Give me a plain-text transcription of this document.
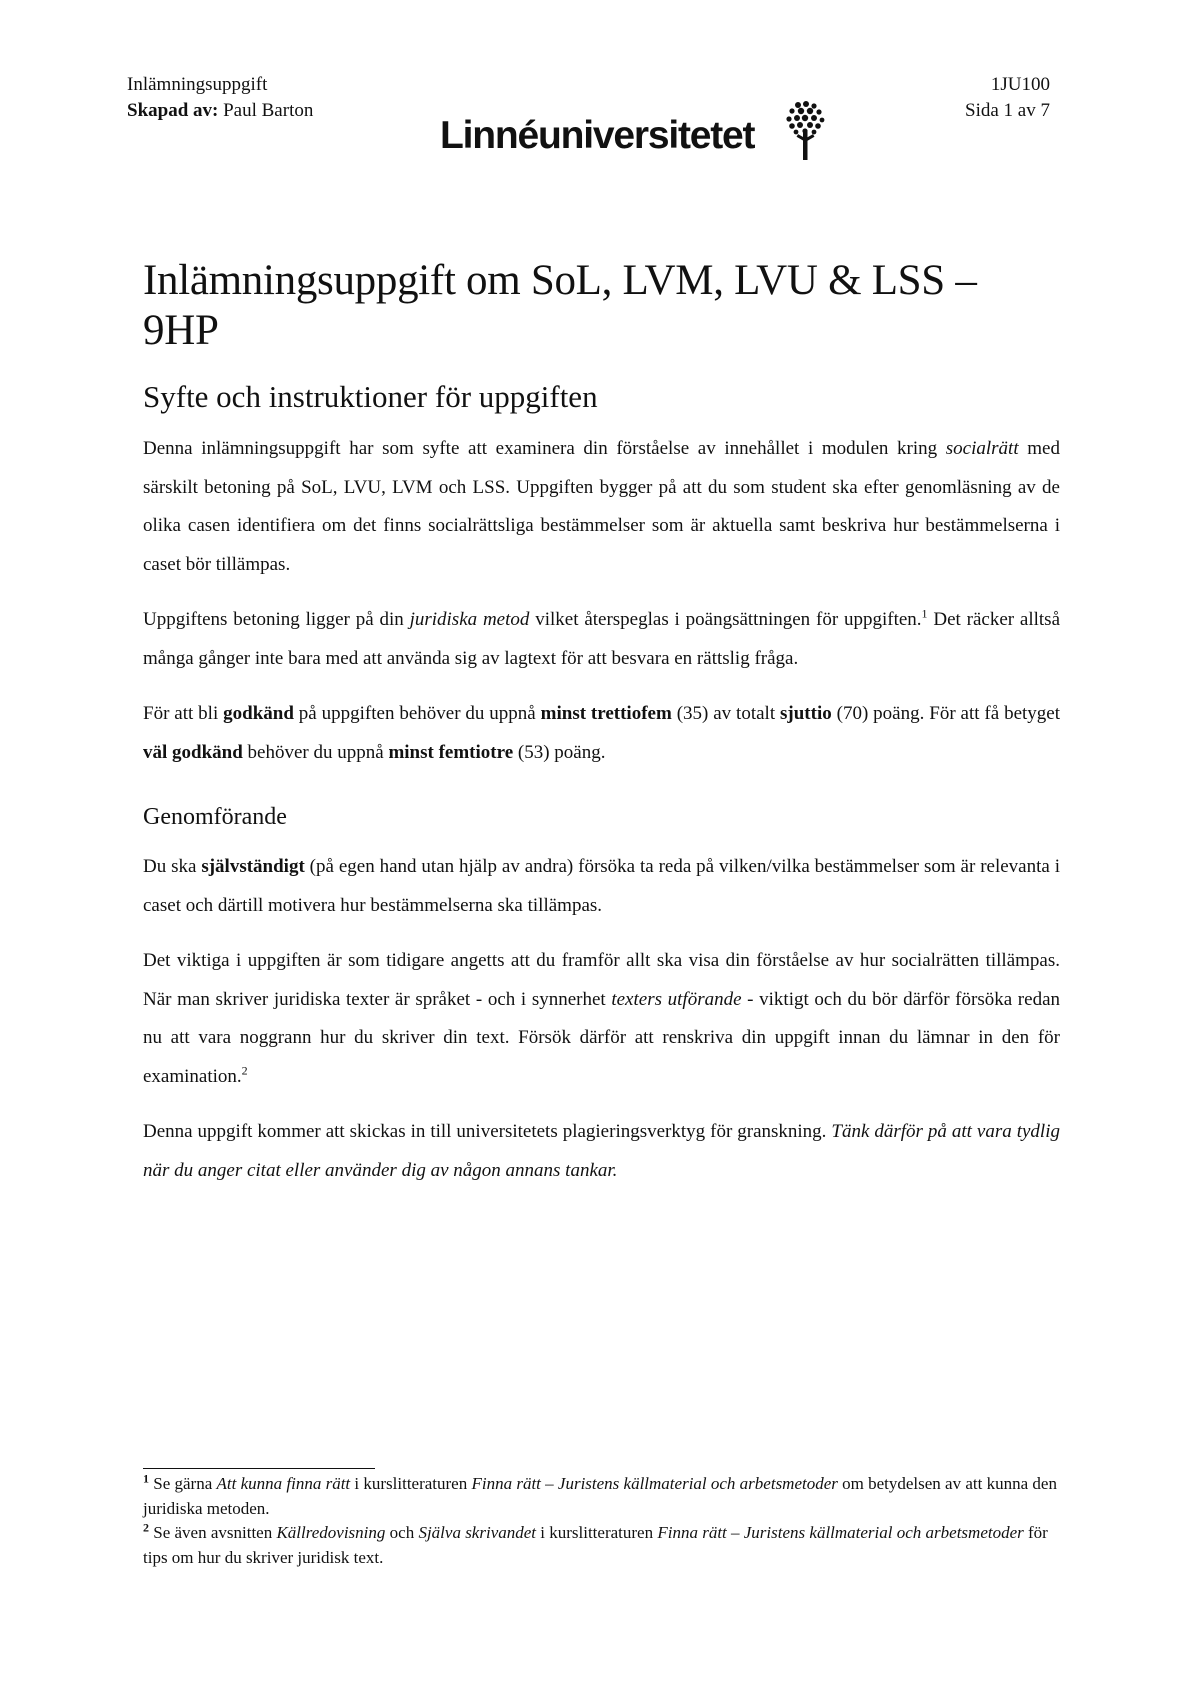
Inlämningsuppgift
Skapad av: Paul Barton
1JU100
Sida 1 av 7
Linnéuniversitetet
Inlämningsuppgift om SoL, LVM, LVU & LSS – 9HP
Syfte och instruktioner för uppgiften

Denna inlämningsuppgift har som syfte att examinera din förståelse av innehållet i modulen kring socialrätt med särskilt betoning på SoL, LVU, LVM och LSS. Uppgiften bygger på att du som student ska efter genomläsning av de olika casen identifiera om det finns socialrättsliga bestämmelser som är aktuella samt beskriva hur bestämmelserna i caset bör tillämpas.

Uppgiftens betoning ligger på din juridiska metod vilket återspeglas i poängsättningen för uppgiften.$^1$ Det räcker alltså många gånger inte bara med att använda sig av lagtext för att besvara en rättslig fråga.

För att bli godkänd på uppgiften behöver du uppnå minst trettiofem (35) av totalt sjuttio (70) poäng. För att få betyget väl godkänd behöver du uppnå minst femtiotre (53) poäng.

Genomförande

Du ska självständigt (på egen hand utan hjälp av andra) försöka ta reda på vilken/vilka bestämmelser som är relevanta i caset och därtill motivera hur bestämmelserna ska tillämpas.

Det viktiga i uppgiften är som tidigare angetts att du framför allt ska visa din förståelse av hur socialrätten tillämpas. När man skriver juridiska texter är språket - och i synnerhet texters utförande - viktigt och du bör därför försöka redan nu att vara noggrann hur du skriver din text. Försök därför att renskriva din uppgift innan du lämnar in den för examination.$^2$

Denna uppgift kommer att skickas in till universitetets plagieringsverktyg för granskning. Tänk därför på att vara tydlig när du anger citat eller använder dig av någon annans tankar.

$^1$ Se gärna Att kunna finna rätt i kurslitteraturen Finna rätt – Juristens källmaterial och arbetsmetoder om betydelsen av att kunna den juridiska metoden.
$^2$ Se även avsnitten Källredovisning och Själva skrivandet i kurslitteraturen Finna rätt – Juristens källmaterial och arbetsmetoder för tips om hur du skriver juridisk text.
